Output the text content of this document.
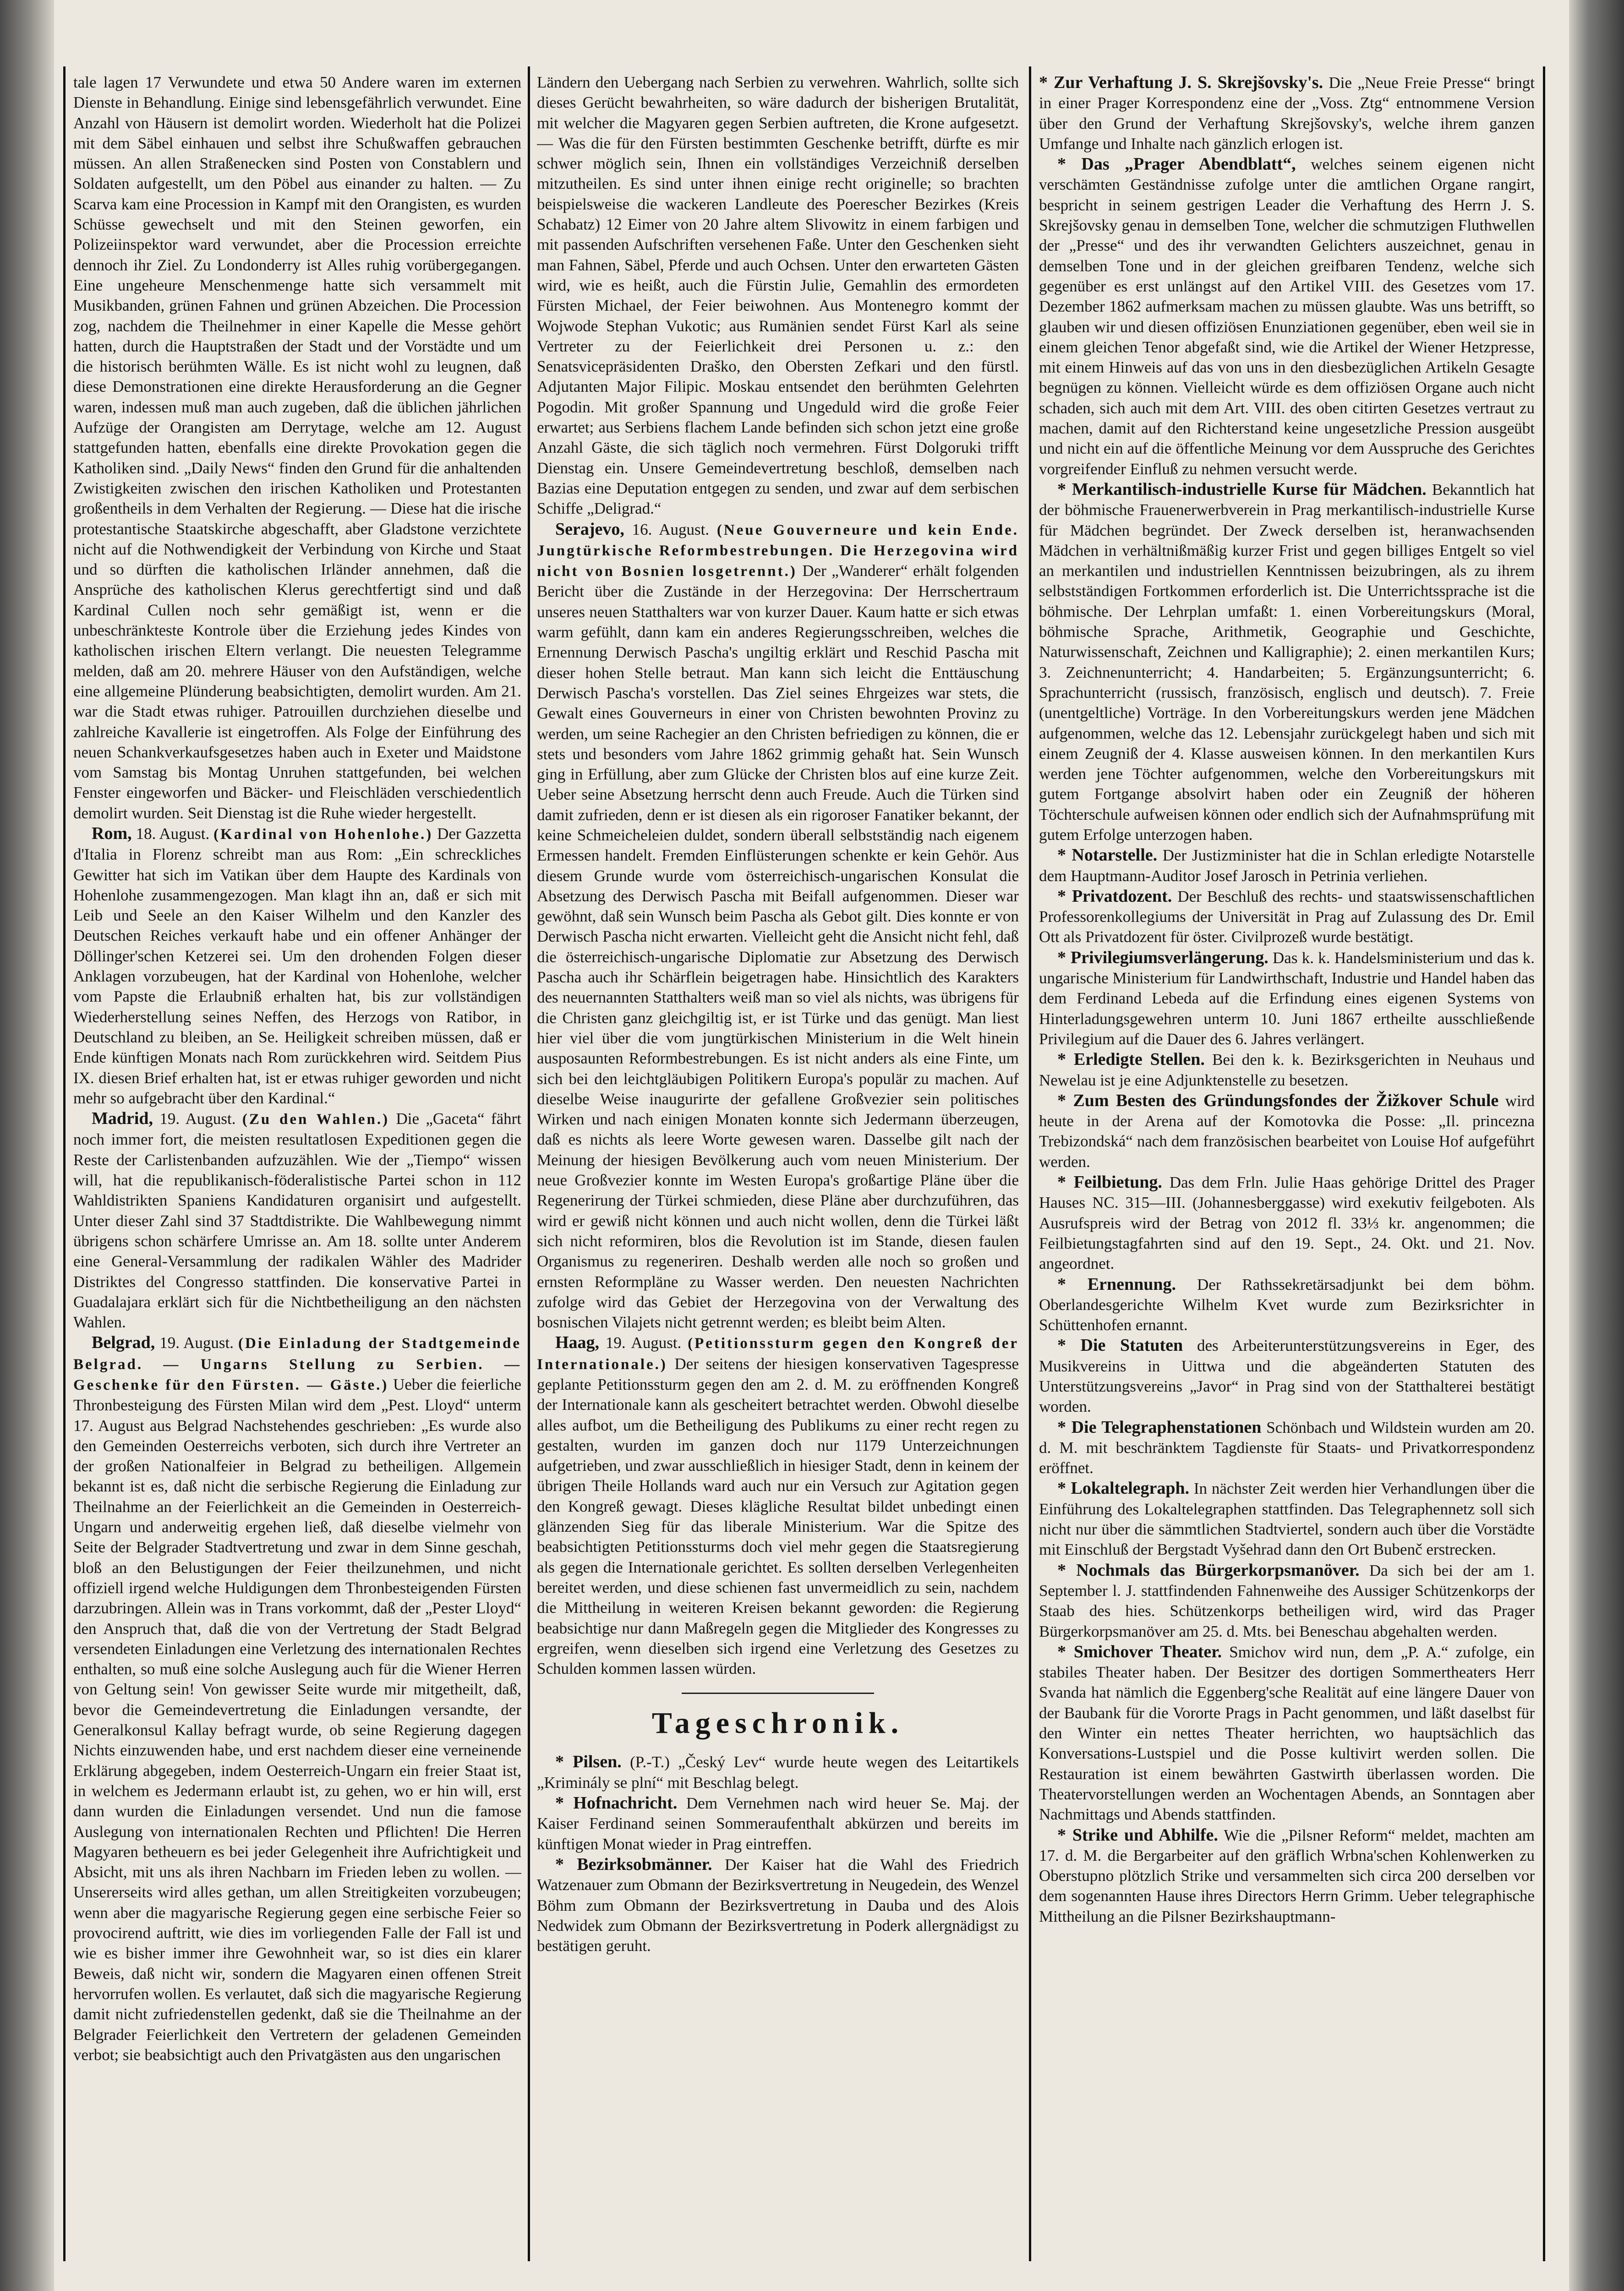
tale lagen 17 Verwundete und etwa 50 Andere waren im externen Dienste in Behandlung. Einige sind lebensgefährlich verwundet. Eine Anzahl von Häusern ist demolirt worden. Wiederholt hat die Polizei mit dem Säbel einhauen und selbst ihre Schußwaffen gebrauchen müssen. An allen Straßenecken sind Posten von Constablern und Soldaten aufgestellt, um den Pöbel aus einander zu halten. — Zu Scarva kam eine Procession in Kampf mit den Orangisten, es wurden Schüsse gewechselt und mit den Steinen geworfen, ein Polizeiinspektor ward verwundet, aber die Procession erreichte dennoch ihr Ziel. Zu Londonderry ist Alles ruhig vorübergegangen. Eine ungeheure Menschenmenge hatte sich versammelt mit Musikbanden, grünen Fahnen und grünen Abzeichen. Die Procession zog, nachdem die Theilnehmer in einer Kapelle die Messe gehört hatten, durch die Hauptstraßen der Stadt und der Vorstädte und um die historisch berühmten Wälle. Es ist nicht wohl zu leugnen, daß diese Demonstrationen eine direkte Herausforderung an die Gegner waren, indessen muß man auch zugeben, daß die üblichen jährlichen Aufzüge der Orangisten am Derrytage, welche am 12. August stattgefunden hatten, ebenfalls eine direkte Provokation gegen die Katholiken sind. „Daily News“ finden den Grund für die anhaltenden Zwistigkeiten zwischen den irischen Katholiken und Protestanten großentheils in dem Verhalten der Regierung. — Diese hat die irische protestantische Staatskirche abgeschafft, aber Gladstone verzichtete nicht auf die Nothwendigkeit der Verbindung von Kirche und Staat und so dürften die katholischen Irländer annehmen, daß die Ansprüche des katholischen Klerus gerechtfertigt sind und daß Kardinal Cullen noch sehr gemäßigt ist, wenn er die unbeschränkteste Kontrole über die Erziehung jedes Kindes von katholischen irischen Eltern verlangt. Die neuesten Telegramme melden, daß am 20. mehrere Häuser von den Aufständigen, welche eine allgemeine Plünderung beabsichtigten, demolirt wurden. Am 21. war die Stadt etwas ruhiger. Patrouillen durchziehen dieselbe und zahlreiche Kavallerie ist eingetroffen. Als Folge der Einführung des neuen Schankverkaufsgesetzes haben auch in Exeter und Maidstone vom Samstag bis Montag Unruhen stattgefunden, bei welchen Fenster eingeworfen und Bäcker- und Fleischläden verschiedentlich demolirt wurden. Seit Dienstag ist die Ruhe wieder hergestellt.

Rom, 18. August. (Kardinal von Hohenlohe.) Der Gazzetta d'Italia in Florenz schreibt man aus Rom: „Ein schreckliches Gewitter hat sich im Vatikan über dem Haupte des Kardinals von Hohenlohe zusammengezogen. Man klagt ihn an, daß er sich mit Leib und Seele an den Kaiser Wilhelm und den Kanzler des Deutschen Reiches verkauft habe und ein offener Anhänger der Döllinger'schen Ketzerei sei. Um den drohenden Folgen dieser Anklagen vorzubeugen, hat der Kardinal von Hohenlohe, welcher vom Papste die Erlaubniß erhalten hat, bis zur vollständigen Wiederherstellung seines Neffen, des Herzogs von Ratibor, in Deutschland zu bleiben, an Se. Heiligkeit schreiben müssen, daß er Ende künftigen Monats nach Rom zurückkehren wird. Seitdem Pius IX. diesen Brief erhalten hat, ist er etwas ruhiger geworden und nicht mehr so aufgebracht über den Kardinal.“

Madrid, 19. August. (Zu den Wahlen.) Die „Gaceta“ fährt noch immer fort, die meisten resultatlosen Expeditionen gegen die Reste der Carlistenbanden aufzuzählen. Wie der „Tiempo“ wissen will, hat die republikanisch-föderalistische Partei schon in 112 Wahldistrikten Spaniens Kandidaturen organisirt und aufgestellt. Unter dieser Zahl sind 37 Stadtdistrikte. Die Wahlbewegung nimmt übrigens schon schärfere Umrisse an. Am 18. sollte unter Anderem eine General-Versammlung der radikalen Wähler des Madrider Distriktes del Congresso stattfinden. Die konservative Partei in Guadalajara erklärt sich für die Nichtbetheiligung an den nächsten Wahlen.

Belgrad, 19. August. (Die Einladung der Stadtgemeinde Belgrad. — Ungarns Stellung zu Serbien. — Geschenke für den Fürsten. — Gäste.) Ueber die feierliche Thronbesteigung des Fürsten Milan wird dem „Pest. Lloyd“ unterm 17. August aus Belgrad Nachstehendes geschrieben: „Es wurde also den Gemeinden Oesterreichs verboten, sich durch ihre Vertreter an der großen Nationalfeier in Belgrad zu betheiligen. Allgemein bekannt ist es, daß nicht die serbische Regierung die Einladung zur Theilnahme an der Feierlichkeit an die Gemeinden in Oesterreich-Ungarn und anderweitig ergehen ließ, daß dieselbe vielmehr von Seite der Belgrader Stadtvertretung und zwar in dem Sinne geschah, bloß an den Belustigungen der Feier theilzunehmen, und nicht offiziell irgend welche Huldigungen dem Thronbesteigenden Fürsten darzubringen. Allein was in Trans vorkommt, daß der „Pester Lloyd“ den Anspruch that, daß die von der Vertretung der Stadt Belgrad versendeten Einladungen eine Verletzung des internationalen Rechtes enthalten, so muß eine solche Auslegung auch für die Wiener Herren von Geltung sein! Von gewisser Seite wurde mir mitgetheilt, daß, bevor die Gemeindevertretung die Einladungen versandte, der Generalkonsul Kallay befragt wurde, ob seine Regierung dagegen Nichts einzuwenden habe, und erst nachdem dieser eine verneinende Erklärung abgegeben, indem Oesterreich-Ungarn ein freier Staat ist, in welchem es Jedermann erlaubt ist, zu gehen, wo er hin will, erst dann wurden die Einladungen versendet. Und nun die famose Auslegung von internationalen Rechten und Pflichten! Die Herren Magyaren betheuern es bei jeder Gelegenheit ihre Aufrichtigkeit und Absicht, mit uns als ihren Nachbarn im Frieden leben zu wollen. — Unsererseits wird alles gethan, um allen Streitigkeiten vorzubeugen; wenn aber die magyarische Regierung gegen eine serbische Feier so provocirend auftritt, wie dies im vorliegenden Falle der Fall ist und wie es bisher immer ihre Gewohnheit war, so ist dies ein klarer Beweis, daß nicht wir, sondern die Magyaren einen offenen Streit hervorrufen wollen. Es verlautet, daß sich die magyarische Regierung damit nicht zufriedenstellen gedenkt, daß sie die Theilnahme an der Belgrader Feierlichkeit den Vertretern der geladenen Gemeinden verbot; sie beabsichtigt auch den Privatgästen aus den ungarischen

Ländern den Uebergang nach Serbien zu verwehren. Wahrlich, sollte sich dieses Gerücht bewahrheiten, so wäre dadurch der bisherigen Brutalität, mit welcher die Magyaren gegen Serbien auftreten, die Krone aufgesetzt. — Was die für den Fürsten bestimmten Geschenke betrifft, dürfte es mir schwer möglich sein, Ihnen ein vollständiges Verzeichniß derselben mitzutheilen. Es sind unter ihnen einige recht originelle; so brachten beispielsweise die wackeren Landleute des Poerescher Bezirkes (Kreis Schabatz) 12 Eimer von 20 Jahre altem Slivowitz in einem farbigen und mit passenden Aufschriften versehenen Faße. Unter den Geschenken sieht man Fahnen, Säbel, Pferde und auch Ochsen. Unter den erwarteten Gästen wird, wie es heißt, auch die Fürstin Julie, Gemahlin des ermordeten Fürsten Michael, der Feier beiwohnen. Aus Montenegro kommt der Wojwode Stephan Vukotic; aus Rumänien sendet Fürst Karl als seine Vertreter zu der Feierlichkeit drei Personen u. z.: den Senatsvicepräsidenten Draško, den Obersten Zefkari und den fürstl. Adjutanten Major Filipic. Moskau entsendet den berühmten Gelehrten Pogodin. Mit großer Spannung und Ungeduld wird die große Feier erwartet; aus Serbiens flachem Lande befinden sich schon jetzt eine große Anzahl Gäste, die sich täglich noch vermehren. Fürst Dolgoruki trifft Dienstag ein. Unsere Gemeindevertretung beschloß, demselben nach Bazias eine Deputation entgegen zu senden, und zwar auf dem serbischen Schiffe „Deligrad.“

Serajevo, 16. August. (Neue Gouverneure und kein Ende. Jungtürkische Reformbestrebungen. Die Herzegovina wird nicht von Bosnien losgetrennt.) Der „Wanderer“ erhält folgenden Bericht über die Zustände in der Herzegovina: Der Herrschertraum unseres neuen Statthalters war von kurzer Dauer. Kaum hatte er sich etwas warm gefühlt, dann kam ein anderes Regierungsschreiben, welches die Ernennung Derwisch Pascha's ungiltig erklärt und Reschid Pascha mit dieser hohen Stelle betraut. Man kann sich leicht die Enttäuschung Derwisch Pascha's vorstellen. Das Ziel seines Ehrgeizes war stets, die Gewalt eines Gouverneurs in einer von Christen bewohnten Provinz zu werden, um seine Rachegier an den Christen befriedigen zu können, die er stets und besonders vom Jahre 1862 grimmig gehaßt hat. Sein Wunsch ging in Erfüllung, aber zum Glücke der Christen blos auf eine kurze Zeit. Ueber seine Absetzung herrscht denn auch Freude. Auch die Türken sind damit zufrieden, denn er ist diesen als ein rigoroser Fanatiker bekannt, der keine Schmeicheleien duldet, sondern überall selbstständig nach eigenem Ermessen handelt. Fremden Einflüsterungen schenkte er kein Gehör. Aus diesem Grunde wurde vom österreichisch-ungarischen Konsulat die Absetzung des Derwisch Pascha mit Beifall aufgenommen. Dieser war gewöhnt, daß sein Wunsch beim Pascha als Gebot gilt. Dies konnte er von Derwisch Pascha nicht erwarten. Vielleicht geht die Ansicht nicht fehl, daß die österreichisch-ungarische Diplomatie zur Absetzung des Derwisch Pascha auch ihr Schärflein beigetragen habe. Hinsichtlich des Karakters des neuernannten Statthalters weiß man so viel als nichts, was übrigens für die Christen ganz gleichgiltig ist, er ist Türke und das genügt. Man liest hier viel über die vom jungtürkischen Ministerium in die Welt hinein ausposaunten Reformbestrebungen. Es ist nicht anders als eine Finte, um sich bei den leichtgläubigen Politikern Europa's populär zu machen. Auf dieselbe Weise inaugurirte der gefallene Großvezier sein politisches Wirken und nach einigen Monaten konnte sich Jedermann überzeugen, daß es nichts als leere Worte gewesen waren. Dasselbe gilt nach der Meinung der hiesigen Bevölkerung auch vom neuen Ministerium. Der neue Großvezier konnte im Westen Europa's großartige Pläne über die Regenerirung der Türkei schmieden, diese Pläne aber durchzuführen, das wird er gewiß nicht können und auch nicht wollen, denn die Türkei läßt sich nicht reformiren, blos die Revolution ist im Stande, diesen faulen Organismus zu regeneriren. Deshalb werden alle noch so großen und ernsten Reformpläne zu Wasser werden. Den neuesten Nachrichten zufolge wird das Gebiet der Herzegovina von der Verwaltung des bosnischen Vilajets nicht getrennt werden; es bleibt beim Alten.

Haag, 19. August. (Petitionssturm gegen den Kongreß der Internationale.) Der seitens der hiesigen konservativen Tagespresse geplante Petitionssturm gegen den am 2. d. M. zu eröffnenden Kongreß der Internationale kann als gescheitert betrachtet werden. Obwohl dieselbe alles aufbot, um die Betheiligung des Publikums zu einer recht regen zu gestalten, wurden im ganzen doch nur 1179 Unterzeichnungen aufgetrieben, und zwar ausschließlich in hiesiger Stadt, denn in keinem der übrigen Theile Hollands ward auch nur ein Versuch zur Agitation gegen den Kongreß gewagt. Dieses klägliche Resultat bildet unbedingt einen glänzenden Sieg für das liberale Ministerium. War die Spitze des beabsichtigten Petitionssturms doch viel mehr gegen die Staatsregierung als gegen die Internationale gerichtet. Es sollten derselben Verlegenheiten bereitet werden, und diese schienen fast unvermeidlich zu sein, nachdem die Mittheilung in weiteren Kreisen bekannt geworden: die Regierung beabsichtige nur dann Maßregeln gegen die Mitglieder des Kongresses zu ergreifen, wenn dieselben sich irgend eine Verletzung des Gesetzes zu Schulden kommen lassen würden.

Tageschronik.

* Pilsen. (P.-T.) „Český Lev“ wurde heute wegen des Leitartikels „Kriminály se plní“ mit Beschlag belegt.

* Hofnachricht. Dem Vernehmen nach wird heuer Se. Maj. der Kaiser Ferdinand seinen Sommeraufenthalt abkürzen und bereits im künftigen Monat wieder in Prag eintreffen.

* Bezirksobmänner. Der Kaiser hat die Wahl des Friedrich Watzenauer zum Obmann der Bezirksvertretung in Neugedein, des Wenzel Böhm zum Obmann der Bezirksvertretung in Dauba und des Alois Nedwidek zum Obmann der Bezirksvertretung in Poderk allergnädigst zu bestätigen geruht.

* Zur Verhaftung J. S. Skrejšovsky's. Die „Neue Freie Presse“ bringt in einer Prager Korrespondenz eine der „Voss. Ztg“ entnommene Version über den Grund der Verhaftung Skrejšovsky's, welche ihrem ganzen Umfange und Inhalte nach gänzlich erlogen ist.

* Das „Prager Abendblatt“, welches seinem eigenen nicht verschämten Geständnisse zufolge unter die amtlichen Organe rangirt, bespricht in seinem gestrigen Leader die Verhaftung des Herrn J. S. Skrejšovsky genau in demselben Tone, welcher die schmutzigen Fluthwellen der „Presse“ und des ihr verwandten Gelichters auszeichnet, genau in demselben Tone und in der gleichen greifbaren Tendenz, welche sich gegenüber es erst unlängst auf den Artikel VIII. des Gesetzes vom 17. Dezember 1862 aufmerksam machen zu müssen glaubte. Was uns betrifft, so glauben wir und diesen offiziösen Enunziationen gegenüber, eben weil sie in einem gleichen Tenor abgefaßt sind, wie die Artikel der Wiener Hetzpresse, mit einem Hinweis auf das von uns in den diesbezüglichen Artikeln Gesagte begnügen zu können. Vielleicht würde es dem offiziösen Organe auch nicht schaden, sich auch mit dem Art. VIII. des oben citirten Gesetzes vertraut zu machen, damit auf den Richterstand keine ungesetzliche Pression ausgeübt und nicht ein auf die öffentliche Meinung vor dem Ausspruche des Gerichtes vorgreifender Einfluß zu nehmen versucht werde.

* Merkantilisch-industrielle Kurse für Mädchen. Bekanntlich hat der böhmische Frauenerwerbverein in Prag merkantilisch-industrielle Kurse für Mädchen begründet. Der Zweck derselben ist, heranwachsenden Mädchen in verhältnißmäßig kurzer Frist und gegen billiges Entgelt so viel an merkantilen und industriellen Kenntnissen beizubringen, als zu ihrem selbstständigen Fortkommen erforderlich ist. Die Unterrichtssprache ist die böhmische. Der Lehrplan umfaßt: 1. einen Vorbereitungskurs (Moral, böhmische Sprache, Arithmetik, Geographie und Geschichte, Naturwissenschaft, Zeichnen und Kalligraphie); 2. einen merkantilen Kurs; 3. Zeichnenunterricht; 4. Handarbeiten; 5. Ergänzungsunterricht; 6. Sprachunterricht (russisch, französisch, englisch und deutsch). 7. Freie (unentgeltliche) Vorträge. In den Vorbereitungskurs werden jene Mädchen aufgenommen, welche das 12. Lebensjahr zurückgelegt haben und sich mit einem Zeugniß der 4. Klasse ausweisen können. In den merkantilen Kurs werden jene Töchter aufgenommen, welche den Vorbereitungskurs mit gutem Fortgange absolvirt haben oder ein Zeugniß der höheren Töchterschule aufweisen können oder endlich sich der Aufnahmsprüfung mit gutem Erfolge unterzogen haben.

* Notarstelle. Der Justizminister hat die in Schlan erledigte Notarstelle dem Hauptmann-Auditor Josef Jarosch in Petrinia verliehen.

* Privatdozent. Der Beschluß des rechts- und staatswissenschaftlichen Professorenkollegiums der Universität in Prag auf Zulassung des Dr. Emil Ott als Privatdozent für öster. Civilprozeß wurde bestätigt.

* Privilegiumsverlängerung. Das k. k. Handelsministerium und das k. ungarische Ministerium für Landwirthschaft, Industrie und Handel haben das dem Ferdinand Lebeda auf die Erfindung eines eigenen Systems von Hinterladungsgewehren unterm 10. Juni 1867 ertheilte ausschließende Privilegium auf die Dauer des 6. Jahres verlängert.

* Erledigte Stellen. Bei den k. k. Bezirksgerichten in Neuhaus und Newelau ist je eine Adjunktenstelle zu besetzen.

* Zum Besten des Gründungsfondes der Žižkover Schule wird heute in der Arena auf der Komotovka die Posse: „Il. princezna Trebizondská“ nach dem französischen bearbeitet von Louise Hof aufgeführt werden.

* Feilbietung. Das dem Frln. Julie Haas gehörige Drittel des Prager Hauses NC. 315—III. (Johannesberggasse) wird exekutiv feilgeboten. Als Ausrufspreis wird der Betrag von 2012 fl. 33⅓ kr. angenommen; die Feilbietungstagfahrten sind auf den 19. Sept., 24. Okt. und 21. Nov. angeordnet.

* Ernennung. Der Rathssekretärsadjunkt bei dem böhm. Oberlandesgerichte Wilhelm Kvet wurde zum Bezirksrichter in Schüttenhofen ernannt.

* Die Statuten des Arbeiterunterstützungsvereins in Eger, des Musikvereins in Uittwa und die abgeänderten Statuten des Unterstützungsvereins „Javor“ in Prag sind von der Statthalterei bestätigt worden.

* Die Telegraphenstationen Schönbach und Wildstein wurden am 20. d. M. mit beschränktem Tagdienste für Staats- und Privatkorrespondenz eröffnet.

* Lokaltelegraph. In nächster Zeit werden hier Verhandlungen über die Einführung des Lokaltelegraphen stattfinden. Das Telegraphennetz soll sich nicht nur über die sämmtlichen Stadtviertel, sondern auch über die Vorstädte mit Einschluß der Bergstadt Vyšehrad dann den Ort Bubenč erstrecken.

* Nochmals das Bürgerkorpsmanöver. Da sich bei der am 1. September l. J. stattfindenden Fahnenweihe des Aussiger Schützenkorps der Staab des hies. Schützenkorps betheiligen wird, wird das Prager Bürgerkorpsmanöver am 25. d. Mts. bei Beneschau abgehalten werden.

* Smichover Theater. Smichov wird nun, dem „P. A.“ zufolge, ein stabiles Theater haben. Der Besitzer des dortigen Sommertheaters Herr Svanda hat nämlich die Eggenberg'sche Realität auf eine längere Dauer von der Baubank für die Vororte Prags in Pacht genommen, und läßt daselbst für den Winter ein nettes Theater herrichten, wo hauptsächlich das Konversations-Lustspiel und die Posse kultivirt werden sollen. Die Restauration ist einem bewährten Gastwirth überlassen worden. Die Theatervorstellungen werden an Wochentagen Abends, an Sonntagen aber Nachmittags und Abends stattfinden.

* Strike und Abhilfe. Wie die „Pilsner Reform“ meldet, machten am 17. d. M. die Bergarbeiter auf den gräflich Wrbna'schen Kohlenwerken zu Oberstupno plötzlich Strike und versammelten sich circa 200 derselben vor dem sogenannten Hause ihres Directors Herrn Grimm. Ueber telegraphische Mittheilung an die Pilsner Bezirkshauptmann-
